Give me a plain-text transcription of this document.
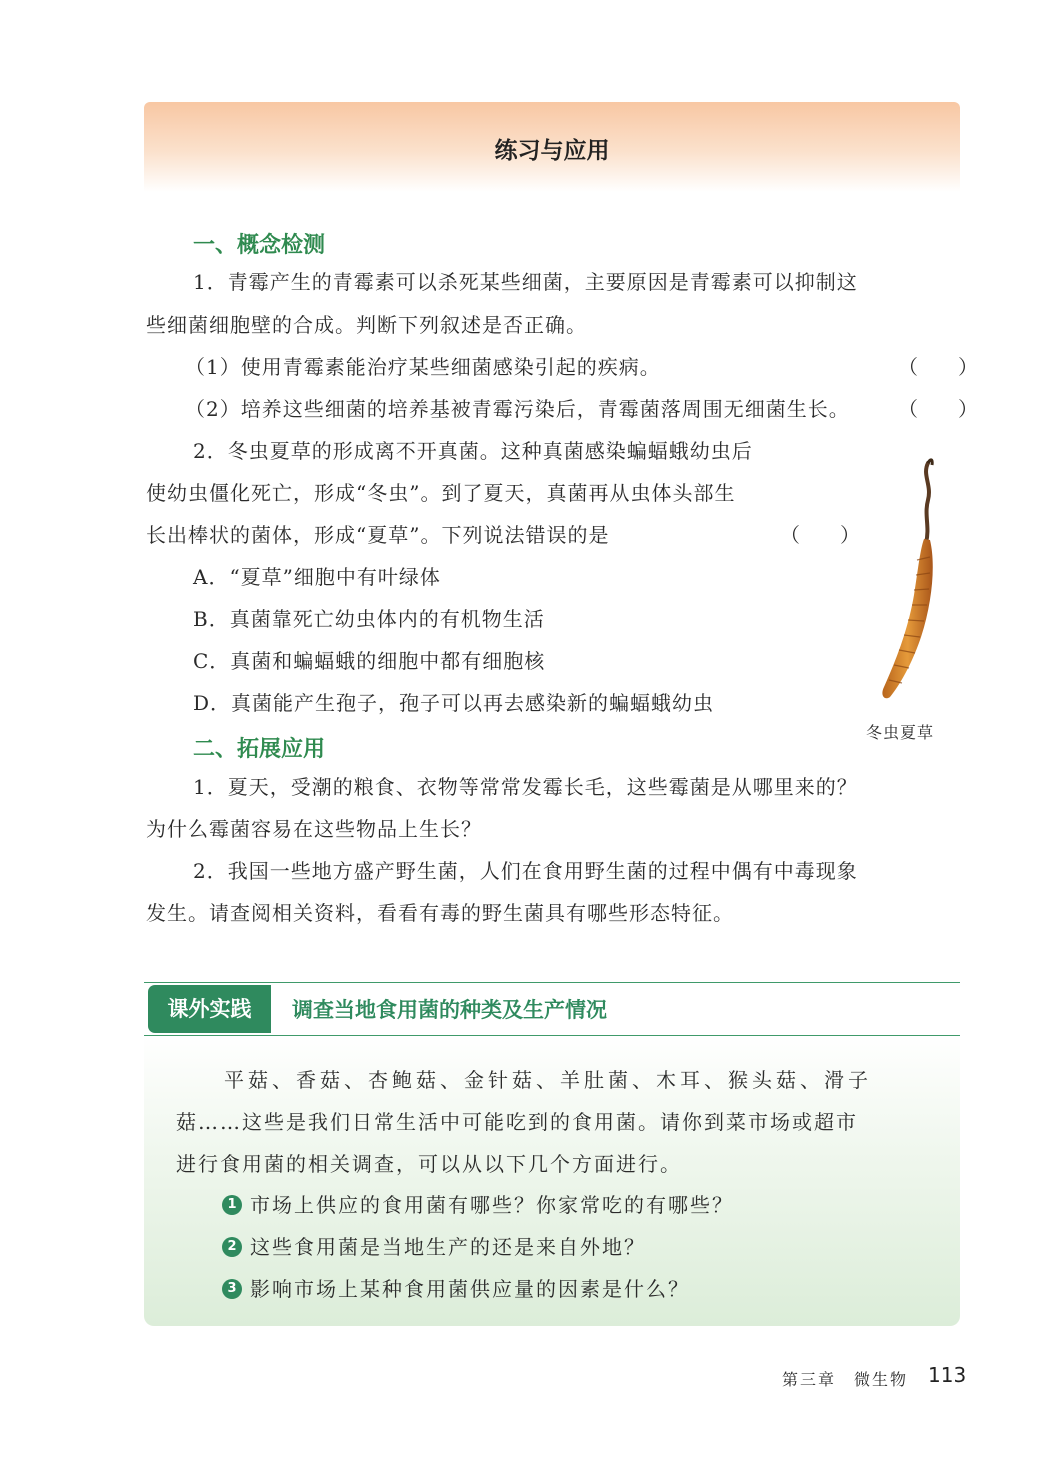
练习与应用
一、概念检测
1．青霉产生的青霉素可以杀死某些细菌，主要原因是青霉素可以抑制这
些细菌细胞壁的合成。判断下列叙述是否正确。
（1）使用青霉素能治疗某些细菌感染引起的疾病。	（　　）
（2）培养这些细菌的培养基被青霉污染后，青霉菌落周围无细菌生长。 （　　）
2．冬虫夏草的形成离不开真菌。这种真菌感染蝙蝠蛾幼虫后
使幼虫僵化死亡，形成“冬虫”。到了夏天，真菌再从虫体头部生
长出棒状的菌体，形成“夏草”。下列说法错误的是	（　　）
A．“夏草”细胞中有叶绿体
B．真菌靠死亡幼虫体内的有机物生活
C．真菌和蝙蝠蛾的细胞中都有细胞核
D．真菌能产生孢子，孢子可以再去感染新的蝙蝠蛾幼虫
冬虫夏草
二、拓展应用
1．夏天，受潮的粮食、衣物等常常发霉长毛，这些霉菌是从哪里来的？
为什么霉菌容易在这些物品上生长？
2．我国一些地方盛产野生菌，人们在食用野生菌的过程中偶有中毒现象
发生。请查阅相关资料，看看有毒的野生菌具有哪些形态特征。
课外实践	调查当地食用菌的种类及生产情况
平菇、香菇、杏鲍菇、金针菇、羊肚菌、木耳、猴头菇、滑子
菇……这些是我们日常生活中可能吃到的食用菌。请你到菜市场或超市
进行食用菌的相关调查，可以从以下几个方面进行。
1 市场上供应的食用菌有哪些？你家常吃的有哪些？
2 这些食用菌是当地生产的还是来自外地？
3 影响市场上某种食用菌供应量的因素是什么？
第三章　微生物 113
